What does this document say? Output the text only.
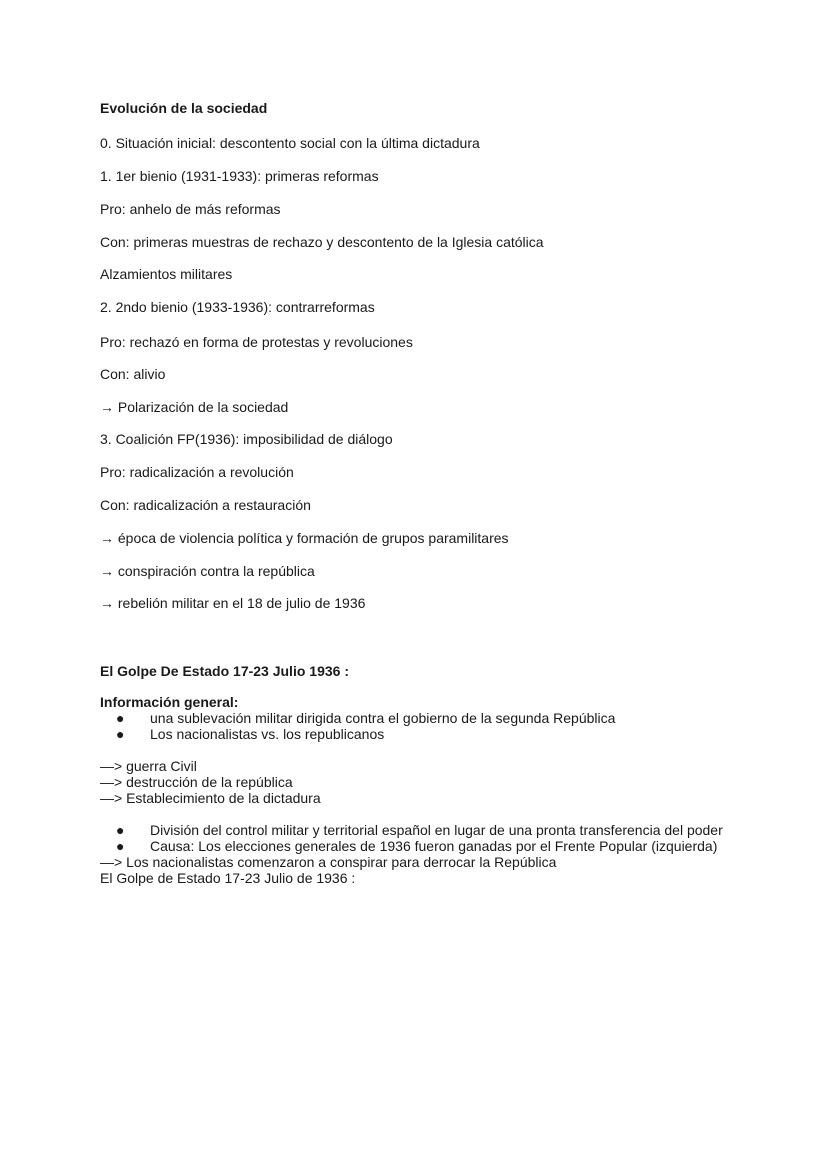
Evolución de la sociedad
0. Situación inicial: descontento social con la última dictadura
1. 1er bienio (1931-1933): primeras reformas
Pro: anhelo de más reformas
Con: primeras muestras de rechazo y descontento de la Iglesia católica
Alzamientos militares
2. 2ndo bienio (1933-1936): contrarreformas
Pro: rechazó en forma de protestas y revoluciones
Con: alivio
→ Polarización de la sociedad
3. Coalición FP(1936): imposibilidad de diálogo
Pro: radicalización a revolución
Con: radicalización a restauración
→ época de violencia política y formación de grupos paramilitares
→ conspiración contra la república
→ rebelión militar en el 18 de julio de 1936
El Golpe De Estado 17-23 Julio 1936 :
Información general:
● una sublevación militar dirigida contra el gobierno de la segunda República
● Los nacionalistas vs. los republicanos
—> guerra Civil
—> destrucción de la república
—> Establecimiento de la dictadura
● División del control militar y territorial español en lugar de una pronta transferencia del poder
● Causa: Los elecciones generales de 1936 fueron ganadas por el Frente Popular (izquierda)
—> Los nacionalistas comenzaron a conspirar para derrocar la República
El Golpe de Estado 17-23 Julio de 1936 :
